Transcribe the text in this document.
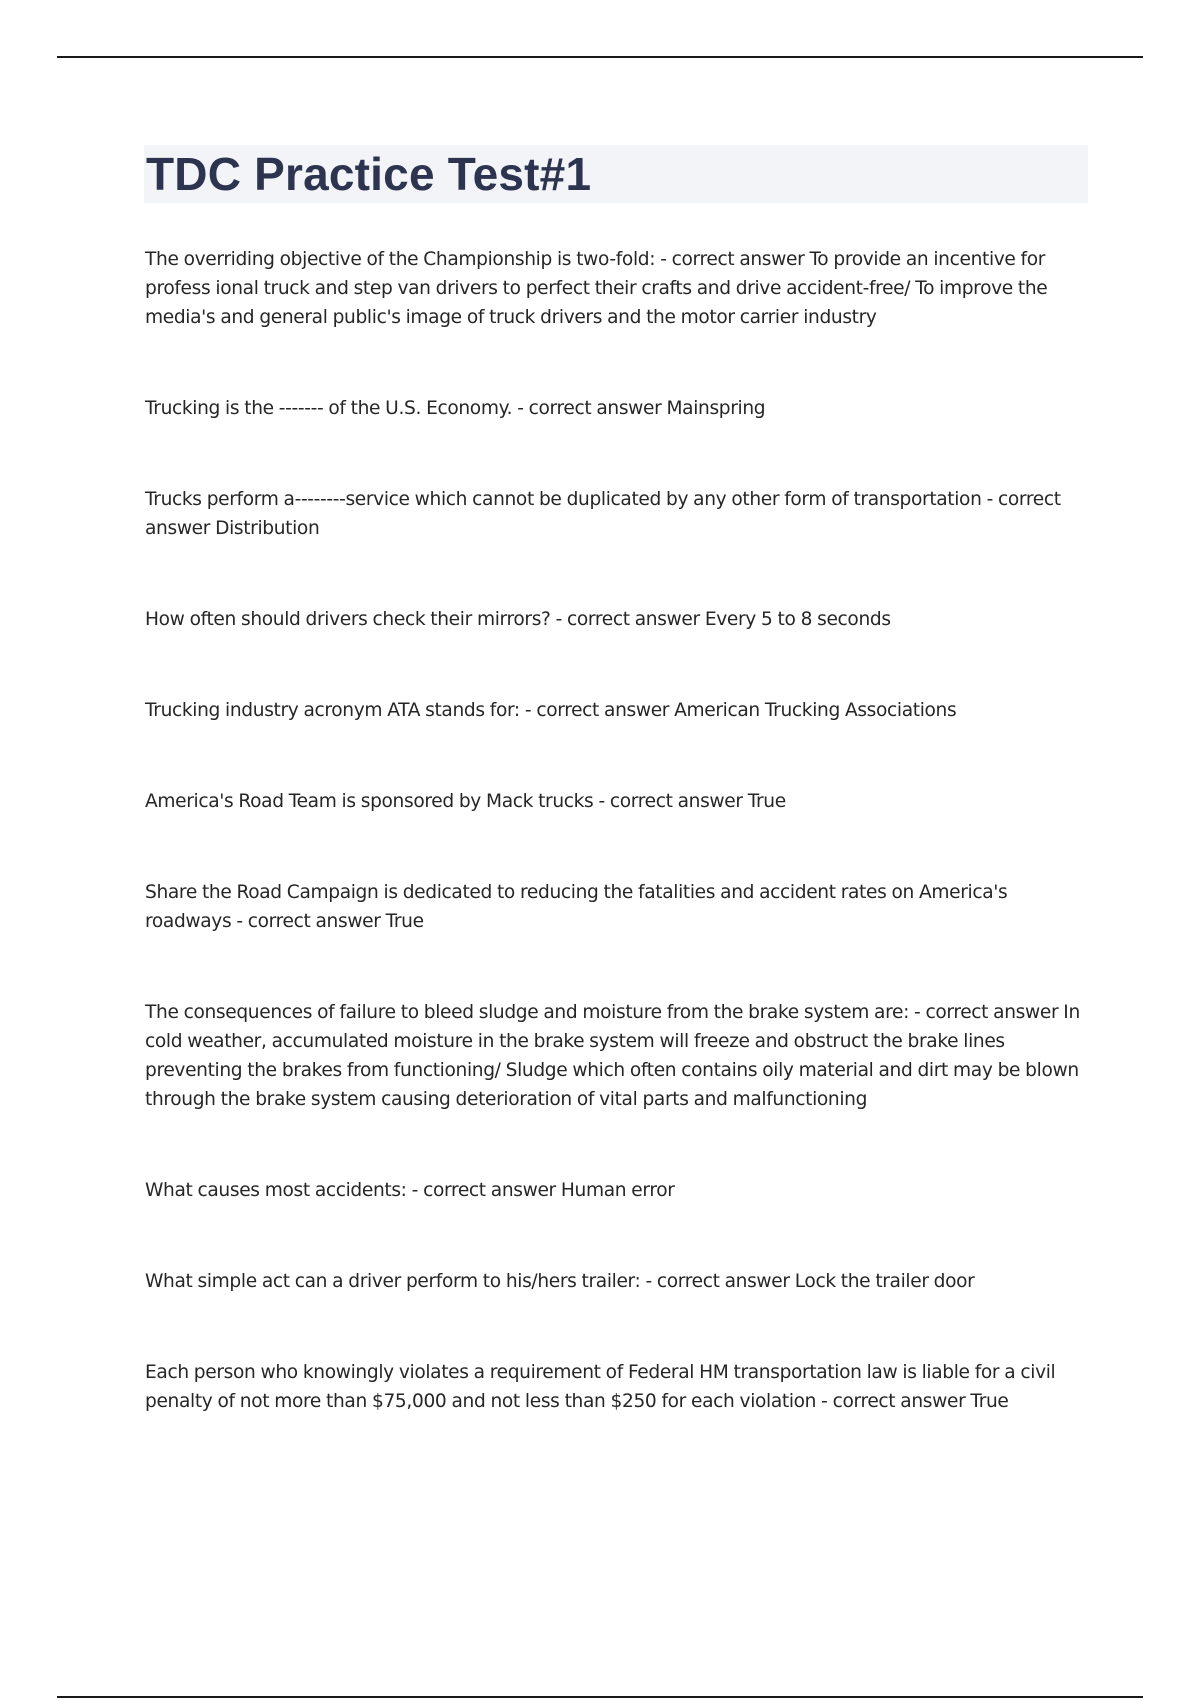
TDC Practice Test#1
The overriding objective of the Championship is two-fold: - correct answer To provide an incentive for profess ional truck and step van drivers to perfect their crafts and drive accident-free/ To improve the media's and general public's image of truck drivers and the motor carrier industry
Trucking is the ------- of the U.S. Economy. - correct answer Mainspring
Trucks perform a--------service which cannot be duplicated by any other form of transportation - correct answer Distribution
How often should drivers check their mirrors? - correct answer Every 5 to 8 seconds
Trucking industry acronym ATA stands for: - correct answer American Trucking Associations
America's Road Team is sponsored by Mack trucks - correct answer True
Share the Road Campaign is dedicated to reducing the fatalities and accident rates on America's roadways - correct answer True
The consequences of failure to bleed sludge and moisture from the brake system are: - correct answer In cold weather, accumulated moisture in the brake system will freeze and obstruct the brake lines preventing the brakes from functioning/ Sludge which often contains oily material and dirt may be blown through the brake system causing deterioration of vital parts and malfunctioning
What causes most accidents: - correct answer Human error
What simple act can a driver perform to his/hers trailer: - correct answer Lock the trailer door
Each person who knowingly violates a requirement of Federal HM transportation law is liable for a civil penalty of not more than $75,000 and not less than $250 for each violation - correct answer True
